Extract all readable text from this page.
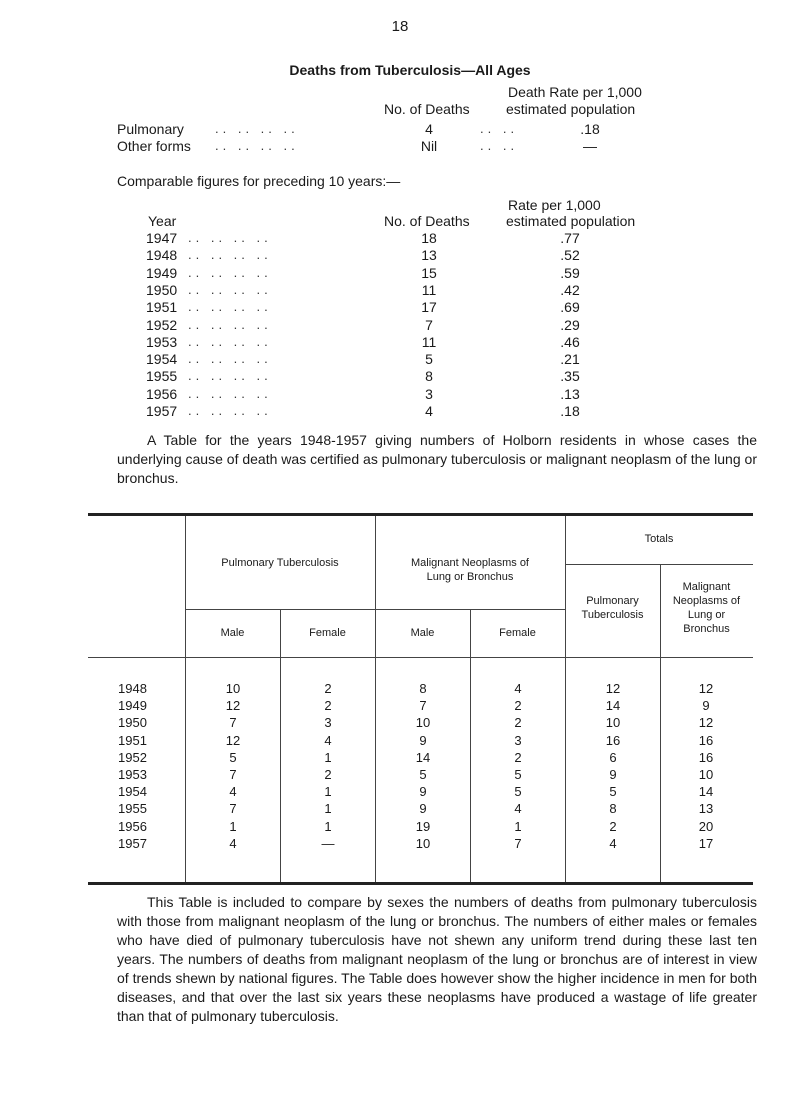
18
Deaths from Tuberculosis—All Ages
Death Rate per 1,000
No. of Deaths	estimated population
Pulmonary .. .. .. ..	4	.. ..	.18
Other forms .. .. .. ..	Nil	.. ..	—
Comparable figures for preceding 10 years:—
Rate per 1,000
Year	No. of Deaths	estimated population
1947 .. .. .. ..	18	.77
1948 .. .. .. ..	13	.52
1949 .. .. .. ..	15	.59
1950 .. .. .. ..	11	.42
1951 .. .. .. ..	17	.69
1952 .. .. .. ..	7	.29
1953 .. .. .. ..	11	.46
1954 .. .. .. ..	5	.21
1955 .. .. .. ..	8	.35
1956 .. .. .. ..	3	.13
1957 .. .. .. ..	4	.18

A Table for the years 1948-1957 giving numbers of Holborn residents in whose cases the underlying cause of death was certified as pulmonary tuberculosis or malignant neoplasm of the lung or bronchus.

Pulmonary Tuberculosis	Malignant Neoplasms of Lung or Bronchus
Totals
Male	Female	Male	Female
Pulmonary Tuberculosis
Malignant Neoplasms of Lung or Bronchus
1948	10	2	8	4	12	12
1949	12	2	7	2	14	9
1950	7	3	10	2	10	12
1951	12	4	9	3	16	16
1952	5	1	14	2	6	16
1953	7	2	5	5	9	10
1954	4	1	9	5	5	14
1955	7	1	9	4	8	13
1956	1	1	19	1	2	20
1957	4	—	10	7	4	17

This Table is included to compare by sexes the numbers of deaths from pulmonary tuberculosis with those from malignant neoplasm of the lung or bronchus. The numbers of either males or females who have died of pulmonary tuberculosis have not shewn any uniform trend during these last ten years. The numbers of deaths from malignant neoplasm of the lung or bronchus are of interest in view of trends shewn by national figures. The Table does however show the higher incidence in men for both diseases, and that over the last six years these neoplasms have produced a wastage of life greater than that of pulmonary tuberculosis.
